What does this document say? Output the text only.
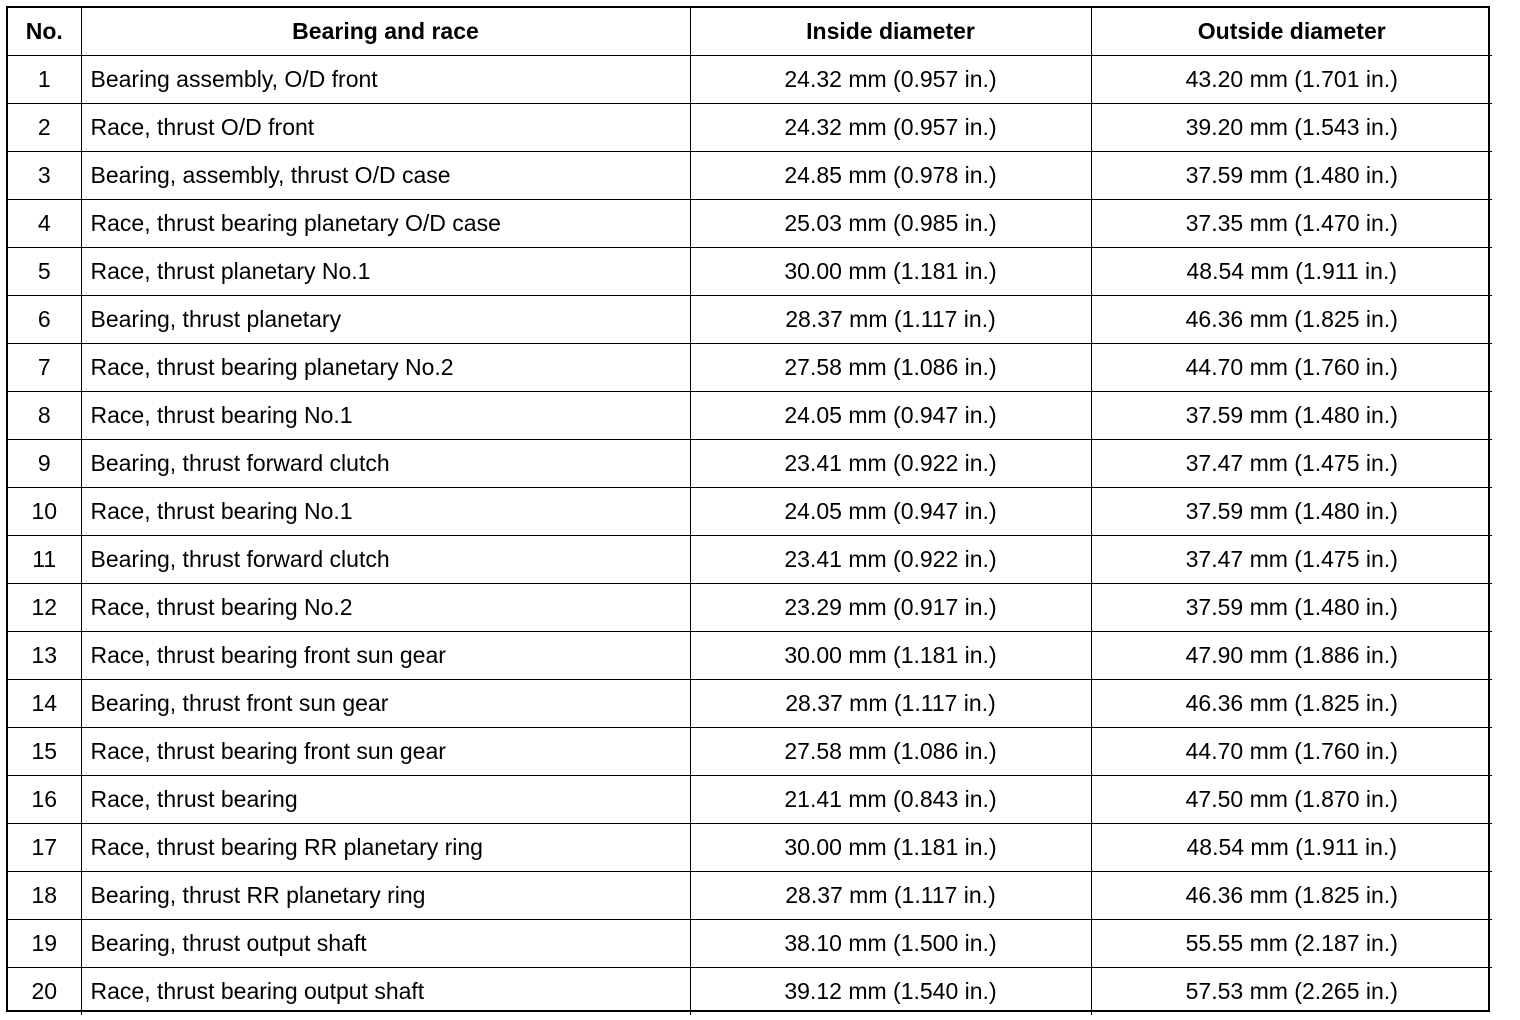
No.	Bearing and race	Inside diameter	Outside diameter
1	Bearing assembly, O/D front	24.32 mm (0.957 in.)	43.20 mm (1.701 in.)
2	Race, thrust O/D front	24.32 mm (0.957 in.)	39.20 mm (1.543 in.)
3	Bearing, assembly, thrust O/D case	24.85 mm (0.978 in.)	37.59 mm (1.480 in.)
4	Race, thrust bearing planetary O/D case	25.03 mm (0.985 in.)	37.35 mm (1.470 in.)
5	Race, thrust planetary No.1	30.00 mm (1.181 in.)	48.54 mm (1.911 in.)
6	Bearing, thrust planetary	28.37 mm (1.117 in.)	46.36 mm (1.825 in.)
7	Race, thrust bearing planetary No.2	27.58 mm (1.086 in.)	44.70 mm (1.760 in.)
8	Race, thrust bearing No.1	24.05 mm (0.947 in.)	37.59 mm (1.480 in.)
9	Bearing, thrust forward clutch	23.41 mm (0.922 in.)	37.47 mm (1.475 in.)
10	Race, thrust bearing No.1	24.05 mm (0.947 in.)	37.59 mm (1.480 in.)
11	Bearing, thrust forward clutch	23.41 mm (0.922 in.)	37.47 mm (1.475 in.)
12	Race, thrust bearing No.2	23.29 mm (0.917 in.)	37.59 mm (1.480 in.)
13	Race, thrust bearing front sun gear	30.00 mm (1.181 in.)	47.90 mm (1.886 in.)
14	Bearing, thrust front sun gear	28.37 mm (1.117 in.)	46.36 mm (1.825 in.)
15	Race, thrust bearing front sun gear	27.58 mm (1.086 in.)	44.70 mm (1.760 in.)
16	Race, thrust bearing	21.41 mm (0.843 in.)	47.50 mm (1.870 in.)
17	Race, thrust bearing RR planetary ring	30.00 mm (1.181 in.)	48.54 mm (1.911 in.)
18	Bearing, thrust RR planetary ring	28.37 mm (1.117 in.)	46.36 mm (1.825 in.)
19	Bearing, thrust output shaft	38.10 mm (1.500 in.)	55.55 mm (2.187 in.)
20	Race, thrust bearing output shaft	39.12 mm (1.540 in.)	57.53 mm (2.265 in.)
